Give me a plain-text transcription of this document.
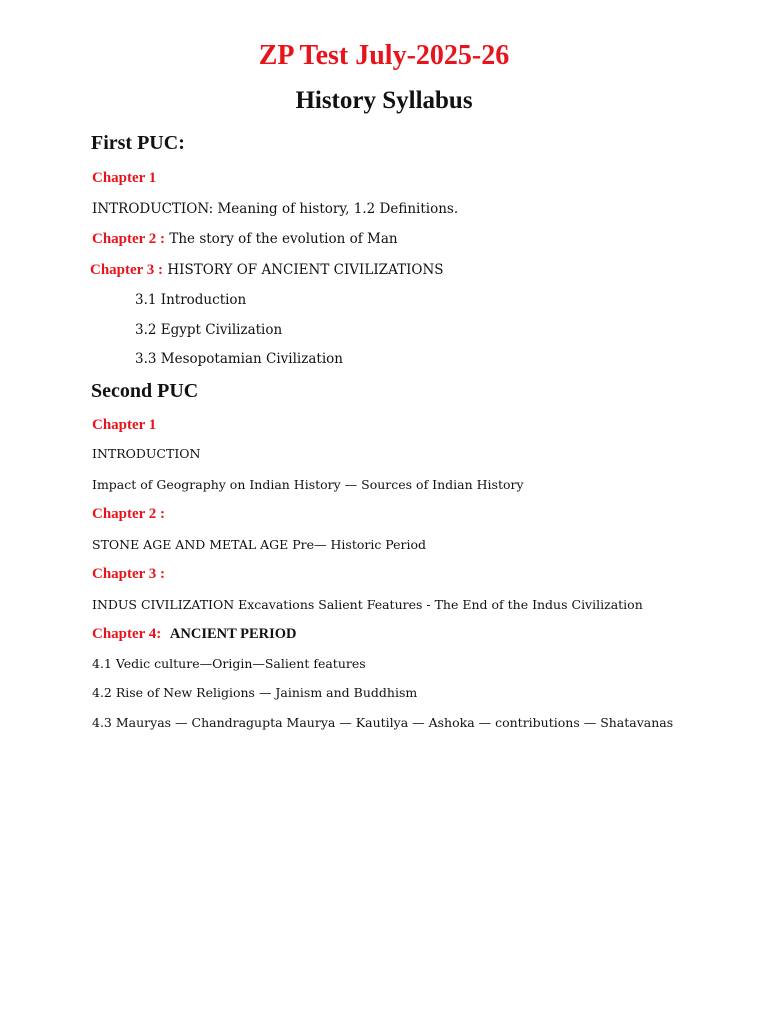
ZP Test July-2025-26
History Syllabus
First PUC:
Chapter 1
INTRODUCTION: Meaning of history, 1.2 Definitions.
Chapter 2 : The story of the evolution of Man
Chapter 3 : HISTORY OF ANCIENT CIVILIZATIONS
3.1 Introduction
3.2 Egypt Civilization
3.3 Mesopotamian Civilization
Second PUC
Chapter 1
INTRODUCTION
Impact of Geography on Indian History — Sources of Indian History
Chapter 2 :
STONE AGE AND METAL AGE Pre— Historic Period
Chapter 3 :
INDUS CIVILIZATION Excavations Salient Features - The End of the Indus Civilization
Chapter 4: ANCIENT PERIOD
4.1 Vedic culture—Origin—Salient features
4.2 Rise of New Religions — Jainism and Buddhism
4.3 Mauryas — Chandragupta Maurya — Kautilya — Ashoka — contributions — Shatavanas
